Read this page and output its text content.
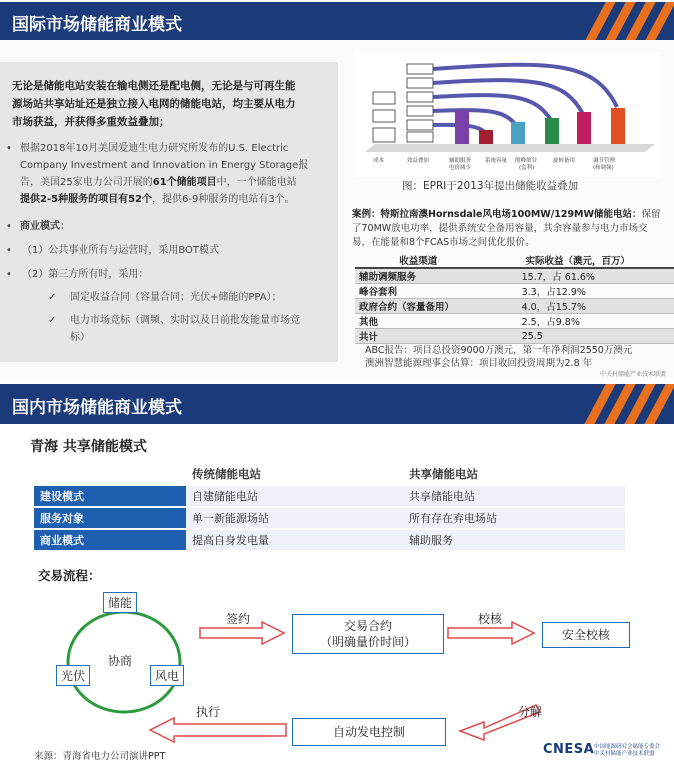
国际市场储能商业模式
无论是储能电站安装在输电侧还是配电侧，无论是与可再生能
源场站共享站址还是独立接入电网的储能电站，均主要从电力
市场获益，并获得多重效益叠加；
• 根据2018年10月美国爱迪生电力研究所发布的U.S. Electric
Company Investment and Innovation in Energy Storage报
告，美国25家电力公司开展的61个储能项目中，一个储能电站
提供2-5种服务的项目有52个，提供6-9种服务的电站有3个。
• 商业模式：
• （1）公共事业所有与运营时，采用BOT模式
• （2）第三方所有时，采用：
✓ 固定收益合同（容量合同；光伏+储能的PPA）；
✓ 电力市场竞标（调频、实时以及日前批发能量市场竞
标）
成本	效益叠加	辅助服务
电价减少
系统容量 削峰填谷
(套利)
旋转备用	调节管理
(和调频)
图：EPRI于2013年提出储能收益叠加
案例：特斯拉南澳Hornsdale风电场100MW/129MW储能电站：保留
了70MW放电功率，提供系统安全备用容量，其余容量参与电力市场交
易，在能量和8个FCAS市场之间优化报价。
收益渠道	实际收益（澳元，百万）
辅助调频服务	15.7，占 61.6%
峰谷套利	3.3，占12.9%
政府合约（容量备用）	4.0，占15.7%
其他	2.5，占9.8%
共计	25.5
ABC报告：项目总投资9000万澳元，第一年净利润2550万澳元
澳洲智慧能源理事会估算：项目收回投资周期为2.8 年
中关村储能产业技术联盟
国内市场储能商业模式
青海 共享储能模式
	传统储能电站	共享储能电站
建设模式	自建储能电站	共享储能电站
服务对象	单一新能源场站	所有存在弃电场站
商业模式	提高自身发电量	辅助服务
交易流程：
储能
协商
光伏	风电
签约	校核
分解
执行
交易合约
（明确量价时间）	安全校核
自动发电控制
来源：青海省电力公司演讲PPT	CNESA 中国能源研究会储能专委会
中关村储能产业技术联盟
